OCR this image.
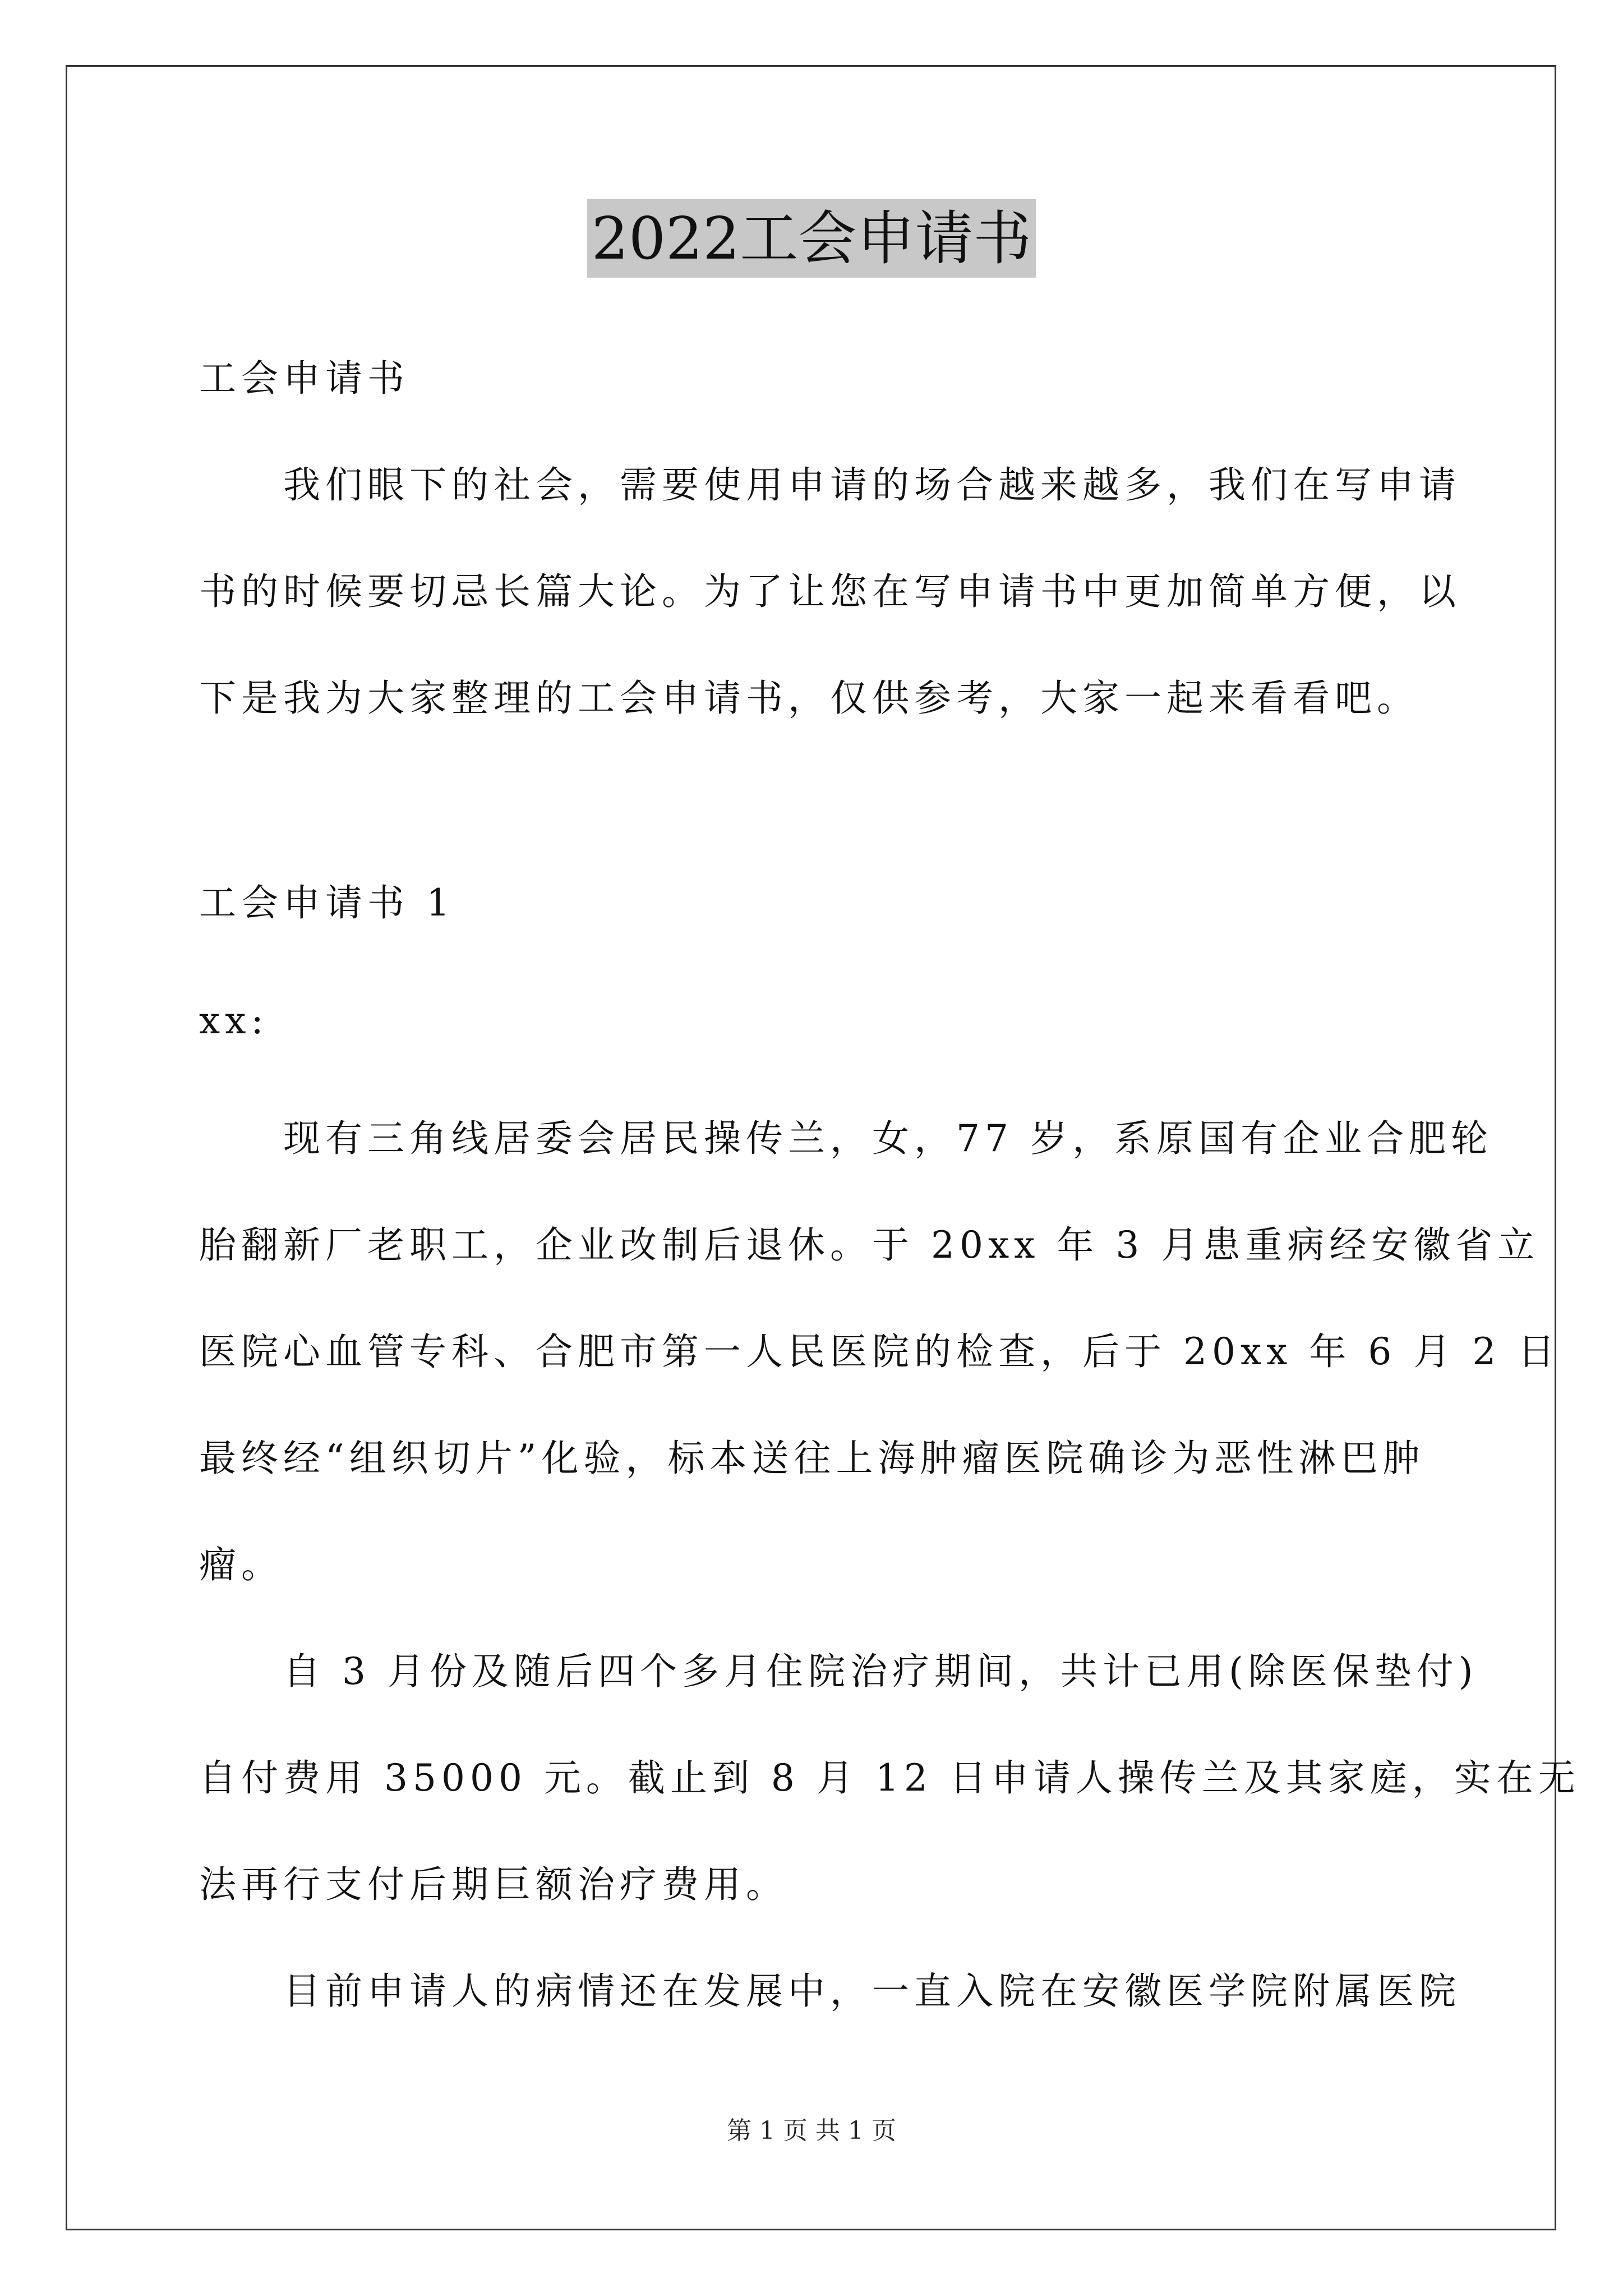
2022工会申请书
工会申请书
我们眼下的社会，需要使用申请的场合越来越多，我们在写申请
书的时候要切忌长篇大论。为了让您在写申请书中更加简单方便，以
下是我为大家整理的工会申请书，仅供参考，大家一起来看看吧。
工会申请书 1
xx:
现有三角线居委会居民操传兰，女，77 岁，系原国有企业合肥轮
胎翻新厂老职工，企业改制后退休。于 20xx 年 3 月患重病经安徽省立
医院心血管专科、合肥市第一人民医院的检查，后于 20xx 年 6 月 2 日
最终经“组织切片”化验，标本送往上海肿瘤医院确诊为恶性淋巴肿
瘤。
自 3 月份及随后四个多月住院治疗期间，共计已用(除医保垫付)
自付费用 35000 元。截止到 8 月 12 日申请人操传兰及其家庭，实在无
法再行支付后期巨额治疗费用。
目前申请人的病情还在发展中，一直入院在安徽医学院附属医院
第 1 页 共 1 页
